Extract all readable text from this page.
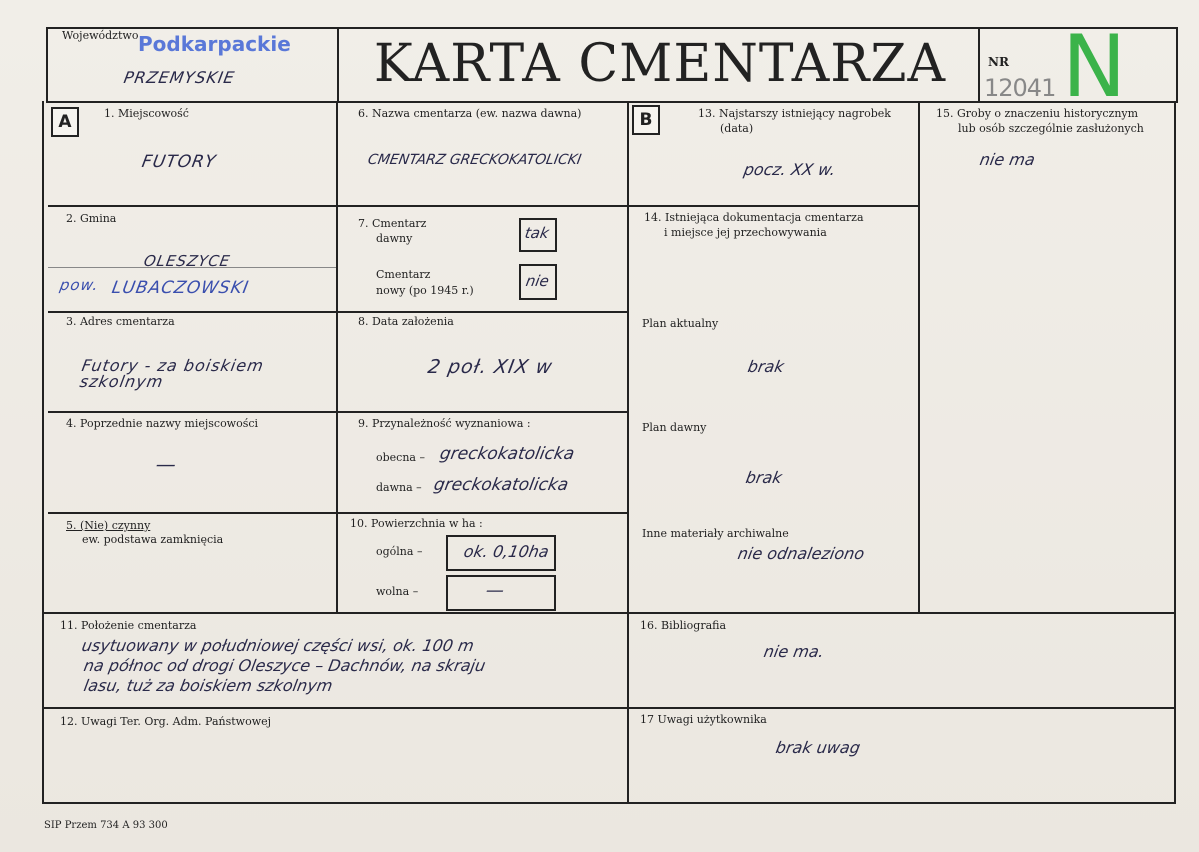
Województwo Podkarpackie
PRZEMYSKIE	KARTA CMENTARZA	NR
12041 N
A	B
1. Miejscowość
FUTORY
2. Gmina
OLESZYCE
pow. LUBACZOWSKI
3. Adres cmentarza
Futory - za boiskiem
szkolnym
4. Poprzednie nazwy miejscowości
—
5. (Nie) czynny
ew. podstawa zamknięcia
6. Nazwa cmentarza (ew. nazwa dawna)
CMENTARZ GRECKOKATOLICKI
7. Cmentarz
dawny	tak
Cmentarz
nowy (po 1945 r.)
nie
8. Data założenia
2 poł. XIX w
9. Przynależność wyznaniowa :
obecna – greckokatolicka
dawna – greckokatolicka
10. Powierzchnia w ha :
ogólna – ok. 0,10ha
wolna –	—
13. Najstarszy istniejący nagrobek
(data)
pocz. XX w.
14. Istniejąca dokumentacja cmentarza
i miejsce jej przechowywania
Plan aktualny
brak
Plan dawny
brak
Inne materiały archiwalne
nie odnaleziono
15. Groby o znaczeniu historycznym
lub osób szczególnie zasłużonych
nie ma
11. Położenie cmentarza
usytuowany w południowej części wsi, ok. 100 m
na północ od drogi Oleszyce – Dachnów, na skraju
lasu, tuż za boiskiem szkolnym
16. Bibliografia
nie ma.
12. Uwagi Ter. Org. Adm. Państwowej	17 Uwagi użytkownika
brak uwag
SIP Przem 734 A 93 300
